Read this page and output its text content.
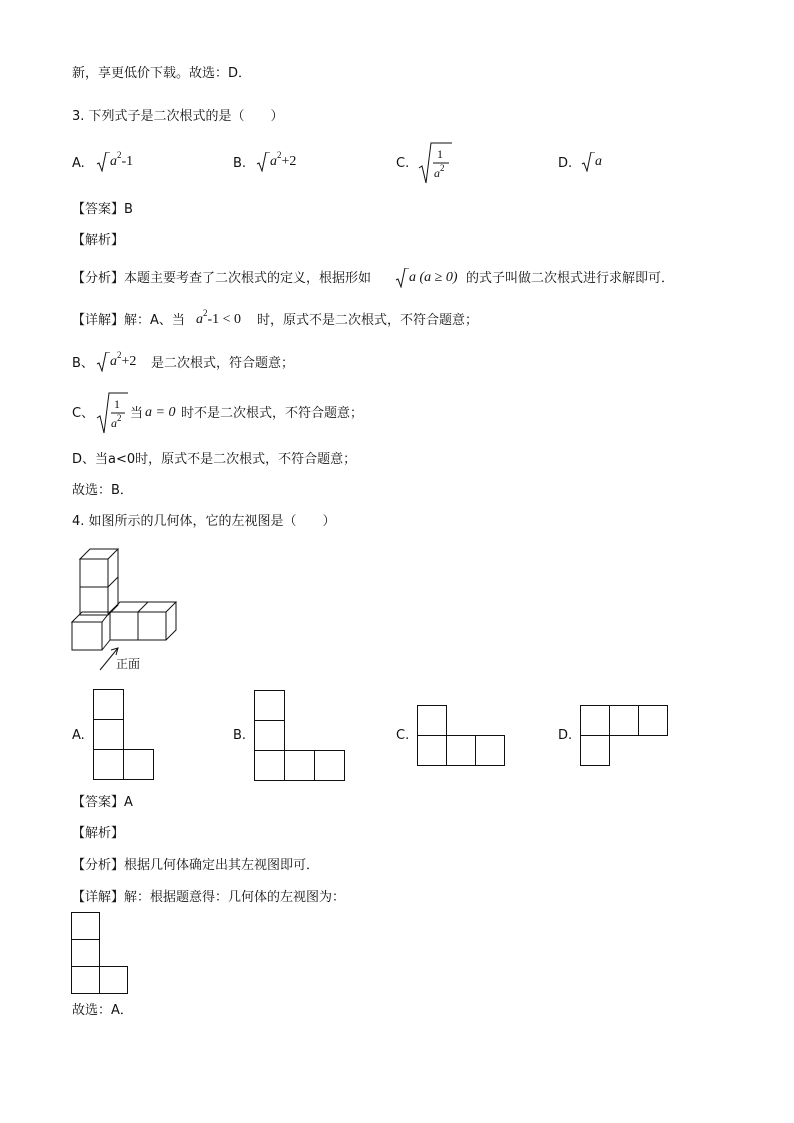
新，享更低价下载。故选：D．
3. 下列式子是二次根式的是（　　）
A.	$a^2-1$	B.	$a^2+2$	C.
1
$a^2$	D.	a
【答案】B
【解析】
【分析】本题主要考查了二次根式的定义，根据形如	a (a ≥ 0) 的式子叫做二次根式进行求解即可．
【详解】解：A、当 $a^2-1 < 0$ 时，原式不是二次根式，不符合题意；
B、	$a^2+2$ 是二次根式，符合题意；
C、
1
$a^2$ 当 a = 0 时不是二次根式，不符合题意；
D、当a<0时，原式不是二次根式，不符合题意；
故选：B．
4. 如图所示的几何体，它的左视图是（　　）
正面
A.	B.	C.	D.
【答案】A
【解析】
【分析】根据几何体确定出其左视图即可．
【详解】解：根据题意得：几何体的左视图为：
故选：A．
